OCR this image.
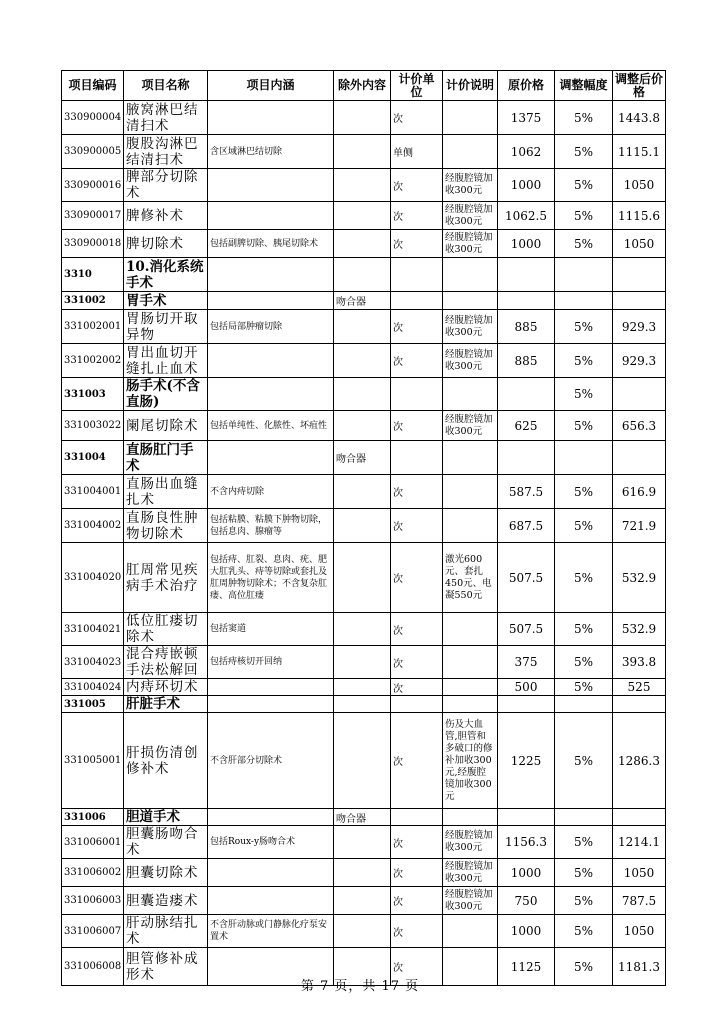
项目编码	项目名称	项目内涵	除外内容	计价单位	计价说明	原价格	调整幅度	调整后价格
330900004	腋窝淋巴结清扫术			次		1375	5%	1443.8
330900005	腹股沟淋巴结清扫术	含区域淋巴结切除		单侧		1062	5%	1115.1
330900016	脾部分切除术			次	经腹腔镜加收300元	1000	5%	1050
330900017	脾修补术			次	经腹腔镜加收300元	1062.5	5%	1115.6
330900018	脾切除术	包括副脾切除、胰尾切除术		次	经腹腔镜加收300元	1000	5%	1050
3310	10.消化系统手术							
331002	胃手术		吻合器					
331002001	胃肠切开取异物	包括局部肿瘤切除		次	经腹腔镜加收300元	885	5%	929.3
331002002	胃出血切开缝扎止血术			次	经腹腔镜加收300元	885	5%	929.3
331003	肠手术(不含直肠)						5%	
331003022	阑尾切除术	包括单纯性、化脓性、坏疽性		次	经腹腔镜加收300元	625	5%	656.3
331004	直肠肛门手术		吻合器					
331004001	直肠出血缝扎术	不含内痔切除		次		587.5	5%	616.9
331004002	直肠良性肿物切除术	包括粘膜、粘膜下肿物切除，包括息肉、腺瘤等		次		687.5	5%	721.9
331004020	肛周常见疾病手术治疗	包括痔、肛裂、息肉、疣、肥大肛乳头、痔等切除或套扎及肛周肿物切除术；不含复杂肛瘘、高位肛瘘		次	激光600元、套扎450元、电凝550元	507.5	5%	532.9
331004021	低位肛瘘切除术	包括窦道		次		507.5	5%	532.9
331004023	混合痔嵌顿手法松解回	包括痔核切开回纳		次		375	5%	393.8
331004024	内痔环切术			次		500	5%	525
331005	肝脏手术							
331005001	肝损伤清创修补术	不含肝部分切除术		次	伤及大血管,胆管和多破口的修补加收300元,经腹腔镜加收300元	1225	5%	1286.3
331006	胆道手术		吻合器					
331006001	胆囊肠吻合术	包括Roux-y肠吻合术		次	经腹腔镜加收300元	1156.3	5%	1214.1
331006002	胆囊切除术			次	经腹腔镜加收300元	1000	5%	1050
331006003	胆囊造瘘术			次	经腹腔镜加收300元	750	5%	787.5
331006007	肝动脉结扎术	不含肝动脉或门静脉化疗泵安置术		次		1000	5%	1050
331006008	胆管修补成形术			次		1125	5%	1181.3
第 7 页，共 17 页
